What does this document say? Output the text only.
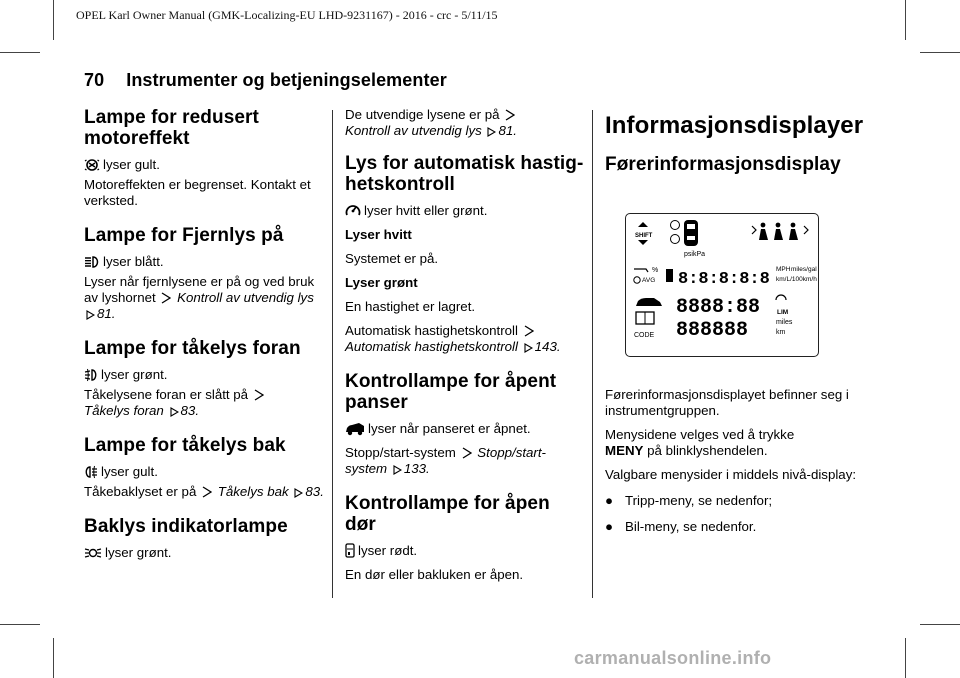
OPEL Karl Owner Manual (GMK-Localizing-EU LHD-9231167) - 2016 - crc - 5/11/15
70 Instrumenter og betjeningselementer
Lampe for redusert motoreffekt

lyser gult.

Motoreffekten er begrenset. Kontakt et verksted.

Lampe for Fjernlys på

lyser blått.

Lyser når fjernlysene er på og ved bruk av lyshornet Kontroll av utvendig lys 81.

Lampe for tåkelys foran

lyser grønt.

Tåkelysene foran er slått på
Tåkelys foran 83.

Lampe for tåkelys bak

lyser gult.

Tåkebaklyset er på Tåkelys bak 83.

Baklys indikatorlampe

lyser grønt.

De utvendige lysene er på
Kontroll av utvendig lys 81.

Lys for automatisk hastig-hetskontroll

lyser hvitt eller grønt.

Lyser hvitt

Systemet er på.

Lyser grønt

En hastighet er lagret.

Automatisk hastighetskontroll
Automatisk hastighetskontroll 143.

Kontrollampe for åpent panser

lyser når panseret er åpnet.

Stopp/start-system Stopp/start-system 133.

Kontrollampe for åpen dør

lyser rødt.

En dør eller bakluken er åpen.

Informasjonsdisplayer
Førerinformasjonsdisplay
SHIFT
psikPa
%
AVG 8:8:8:8:8
MPH miles/gal
km/L/100km/h
CODE
8888:88
888888
LIM
miles
km

Førerinformasjonsdisplayet befinner seg i instrumentgruppen.

Menysidene velges ved å trykke
MENY på blinklyshendelen.

Valgbare menysider i middels nivå-display:

● Tripp-meny, se nedenfor;
● Bil-meny, se nedenfor.
carmanualsonline.info
